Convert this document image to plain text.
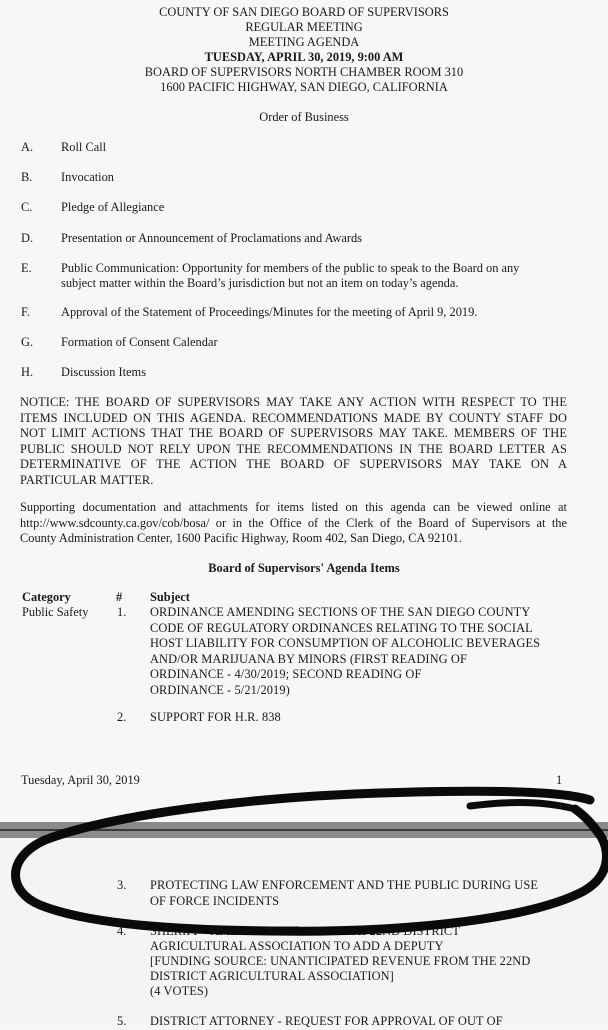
COUNTY OF SAN DIEGO BOARD OF SUPERVISORS
REGULAR MEETING
MEETING AGENDA
TUESDAY, APRIL 30, 2019, 9:00 AM
BOARD OF SUPERVISORS NORTH CHAMBER ROOM 310
1600 PACIFIC HIGHWAY, SAN DIEGO, CALIFORNIA
Order of Business
A. Roll Call
B. Invocation
C. Pledge of Allegiance
D. Presentation or Announcement of Proclamations and Awards
E. Public Communication: Opportunity for members of the public to speak to the Board on any subject matter within the Board’s jurisdiction but not an item on today’s agenda.
F.	Approval of the Statement of Proceedings/Minutes for the meeting of April 9, 2019.
G. Formation of Consent Calendar
H. Discussion Items
NOTICE: THE BOARD OF SUPERVISORS MAY TAKE ANY ACTION WITH RESPECT TO THE
ITEMS INCLUDED ON THIS AGENDA. RECOMMENDATIONS MADE BY COUNTY STAFF DO
NOT LIMIT ACTIONS THAT THE BOARD OF SUPERVISORS MAY TAKE. MEMBERS OF THE
PUBLIC SHOULD NOT RELY UPON THE RECOMMENDATIONS IN THE BOARD LETTER AS
DETERMINATIVE OF THE ACTION THE BOARD OF SUPERVISORS MAY TAKE ON A
PARTICULAR MATTER.
Supporting documentation and attachments for items listed on this agenda can be viewed online at
http://www.sdcounty.ca.gov/cob/bosa/ or in the Office of the Clerk of the Board of Supervisors at the
County Administration Center, 1600 Pacific Highway, Room 402, San Diego, CA 92101.
Board of Supervisors' Agenda Items
Category	# Subject
Public Safety 1. ORDINANCE AMENDING SECTIONS OF THE SAN DIEGO COUNTY
CODE OF REGULATORY ORDINANCES RELATING TO THE SOCIAL
HOST LIABILITY FOR CONSUMPTION OF ALCOHOLIC BEVERAGES
AND/OR MARIJUANA BY MINORS (FIRST READING OF
ORDINANCE - 4/30/2019; SECOND READING OF
ORDINANCE - 5/21/2019)
2. SUPPORT FOR H.R. 838
Tuesday, April 30, 2019	1
3. PROTECTING LAW ENFORCEMENT AND THE PUBLIC DURING USE
OF FORCE INCIDENTS
4. SHERIFF - AMEND CONTR          WITH 22ND DISTRICT
AGRICULTURAL ASSOCIATION TO ADD A DEPUTY
[FUNDING SOURCE: UNANTICIPATED REVENUE FROM THE 22ND
DISTRICT AGRICULTURAL ASSOCIATION]
(4 VOTES)
5. DISTRICT ATTORNEY - REQUEST FOR APPROVAL OF OUT OF
